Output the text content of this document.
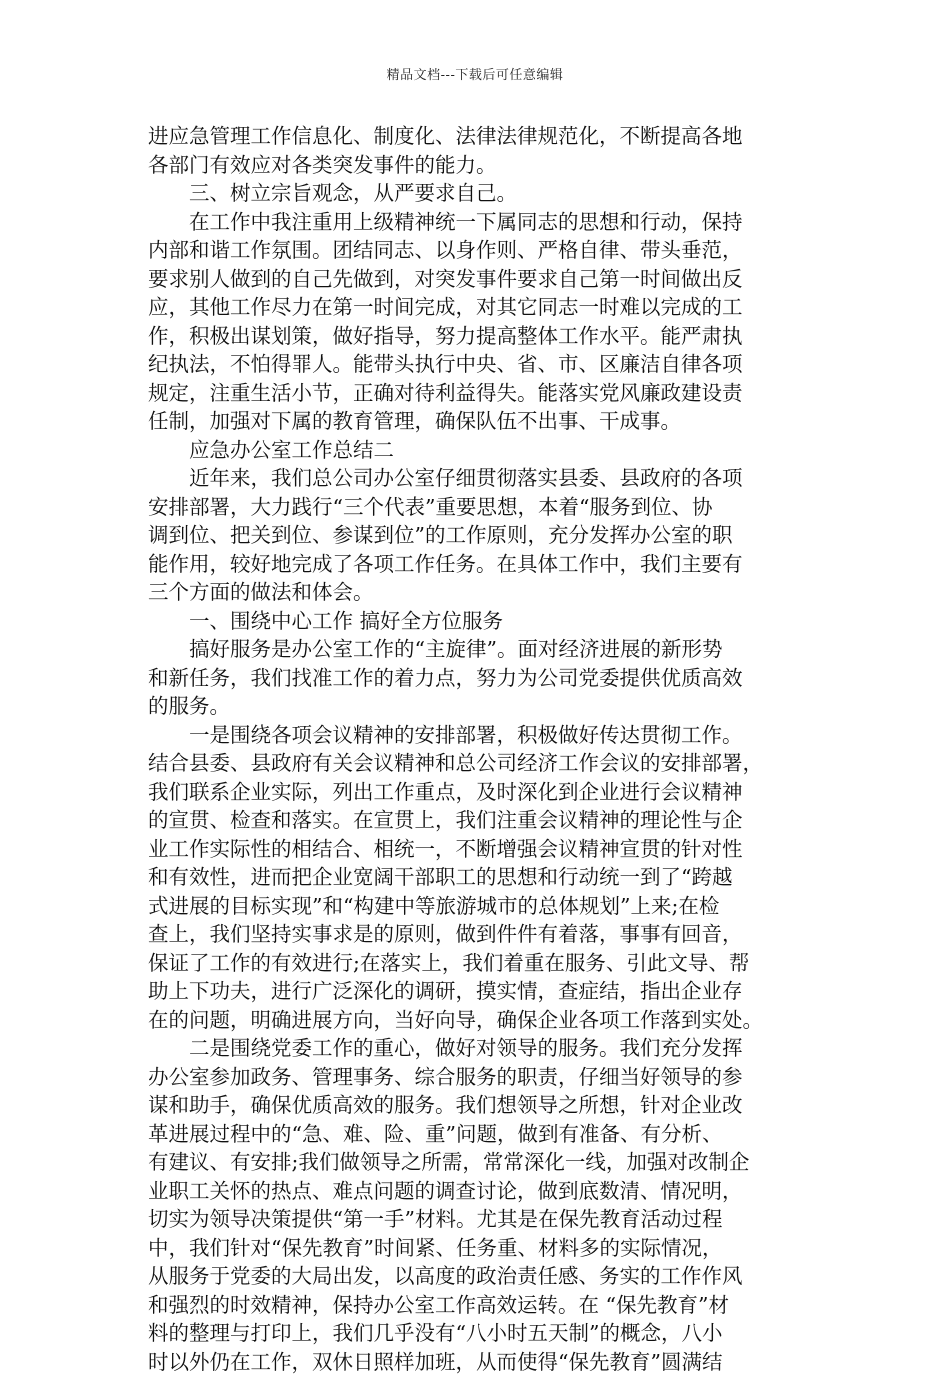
精品文档---下载后可任意编辑
进应急管理工作信息化、制度化、法律法律规范化，不断提高各地
各部门有效应对各类突发事件的能力。
三、树立宗旨观念，从严要求自己。
在工作中我注重用上级精神统一下属同志的思想和行动，保持
内部和谐工作氛围。团结同志、以身作则、严格自律、带头垂范，
要求别人做到的自己先做到，对突发事件要求自己第一时间做出反
应，其他工作尽力在第一时间完成，对其它同志一时难以完成的工
作，积极出谋划策，做好指导，努力提高整体工作水平。能严肃执
纪执法，不怕得罪人。能带头执行中央、省、市、区廉洁自律各项
规定，注重生活小节，正确对待利益得失。能落实党风廉政建设责
任制，加强对下属的教育管理，确保队伍不出事、干成事。
应急办公室工作总结二
近年来，我们总公司办公室仔细贯彻落实县委、县政府的各项
安排部署，大力践行“三个代表”重要思想，本着“服务到位、协
调到位、把关到位、参谋到位”的工作原则，充分发挥办公室的职
能作用，较好地完成了各项工作任务。在具体工作中，我们主要有
三个方面的做法和体会。
一、围绕中心工作 搞好全方位服务
搞好服务是办公室工作的“主旋律”。面对经济进展的新形势
和新任务，我们找准工作的着力点，努力为公司党委提供优质高效
的服务。
一是围绕各项会议精神的安排部署，积极做好传达贯彻工作。
结合县委、县政府有关会议精神和总公司经济工作会议的安排部署，
我们联系企业实际，列出工作重点，及时深化到企业进行会议精神
的宣贯、检查和落实。在宣贯上，我们注重会议精神的理论性与企
业工作实际性的相结合、相统一，不断增强会议精神宣贯的针对性
和有效性，进而把企业宽阔干部职工的思想和行动统一到了“跨越
式进展的目标实现”和“构建中等旅游城市的总体规划”上来;在检
查上，我们坚持实事求是的原则，做到件件有着落，事事有回音，
保证了工作的有效进行;在落实上，我们着重在服务、引此文导、帮
助上下功夫，进行广泛深化的调研，摸实情，查症结，指出企业存
在的问题，明确进展方向，当好向导，确保企业各项工作落到实处。
二是围绕党委工作的重心，做好对领导的服务。我们充分发挥
办公室参加政务、管理事务、综合服务的职责，仔细当好领导的参
谋和助手，确保优质高效的服务。我们想领导之所想，针对企业改
革进展过程中的“急、难、险、重”问题，做到有准备、有分析、
有建议、有安排;我们做领导之所需，常常深化一线，加强对改制企
业职工关怀的热点、难点问题的调查讨论，做到底数清、情况明，
切实为领导决策提供“第一手”材料。尤其是在保先教育活动过程
中，我们针对“保先教育”时间紧、任务重、材料多的实际情况，
从服务于党委的大局出发，以高度的政治责任感、务实的工作作风
和强烈的时效精神，保持办公室工作高效运转。在 “保先教育”材
料的整理与打印上，我们几乎没有“八小时五天制”的概念，八小
时以外仍在工作，双休日照样加班，从而使得“保先教育”圆满结
